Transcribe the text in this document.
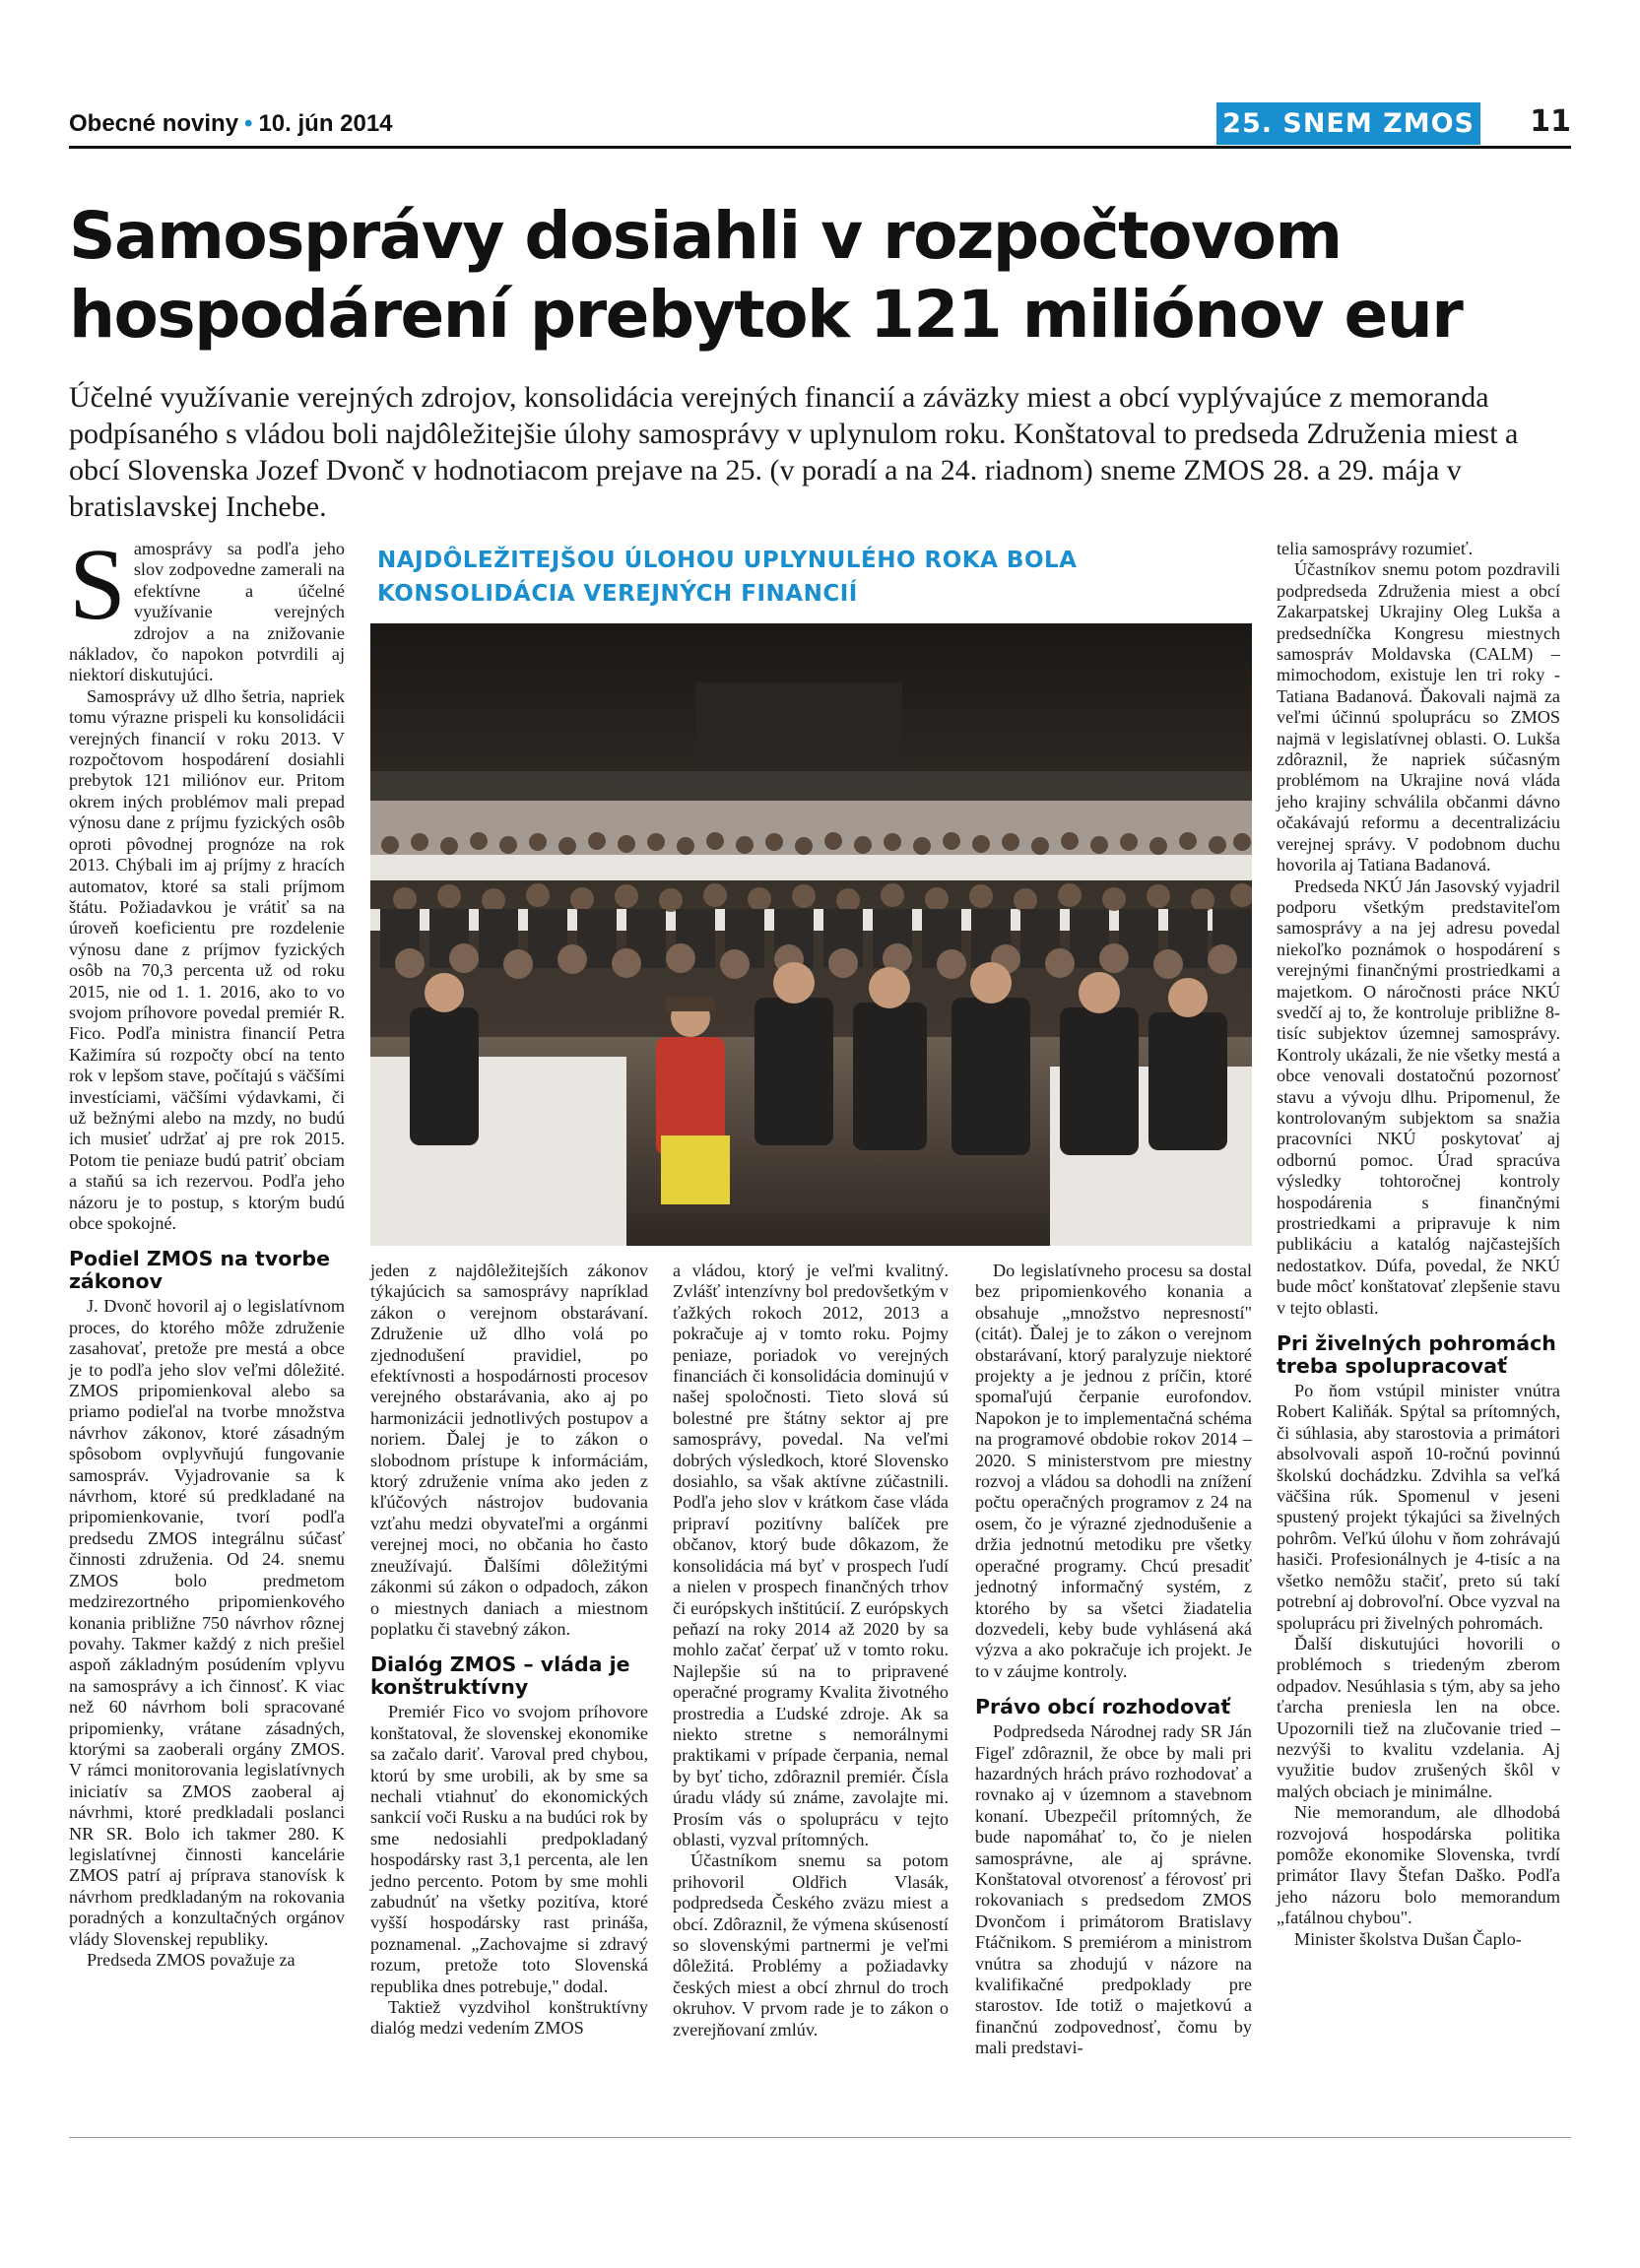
Obecné noviny • 10. jún 2014	25. SNEM ZMOS 11
Samosprávy dosiahli v rozpočtovom
hospodárení prebytok 121 miliónov eur

Účelné využívanie verejných zdrojov, konsolidácia verejných financií a záväzky miest a obcí vyplývajúce z memoranda podpísaného s vládou boli najdôležitejšie úlohy samosprávy v uplynulom roku. Konštatoval to predseda Združenia miest a obcí Slovenska Jozef Dvonč v hodnotiacom prejave na 25. (v poradí a na 24. riadnom) sneme ZMOS 28. a 29. mája v bratislavskej Inchebe.

Samosprávy sa podľa jeho slov zodpovedne zamerali na efektívne a účelné využívanie verejných zdrojov a na znižovanie nákladov, čo napokon potvrdili aj niektorí diskutujúci.

Samosprávy už dlho šetria, napriek tomu výrazne prispeli ku konsolidácii verejných financií v roku 2013. V rozpočtovom hospodárení dosiahli prebytok 121 miliónov eur. Pritom okrem iných problémov mali prepad výnosu dane z príjmu fyzických osôb oproti pôvodnej prognóze na rok 2013. Chýbali im aj príjmy z hracích automatov, ktoré sa stali príjmom štátu. Požiadavkou je vrátiť sa na úroveň koeficientu pre rozdelenie výnosu dane z príjmov fyzických osôb na 70,3 percenta už od roku 2015, nie od 1. 1. 2016, ako to vo svojom príhovore povedal premiér R. Fico. Podľa ministra financií Petra Kažimíra sú rozpočty obcí na tento rok v lepšom stave, počítajú s väčšími investíciami, väčšími výdavkami, či už bežnými alebo na mzdy, no budú ich musieť udržať aj pre rok 2015. Potom tie peniaze budú patriť obciam a staňú sa ich rezervou. Podľa jeho názoru je to postup, s ktorým budú obce spokojné.

Podiel ZMOS na tvorbe zákonov

J. Dvonč hovoril aj o legislatívnom proces, do ktorého môže združenie zasahovať, pretože pre mestá a obce je to podľa jeho slov veľmi dôležité. ZMOS pripomienkoval alebo sa priamo podieľal na tvorbe množstva návrhov zákonov, ktoré zásadným spôsobom ovplyvňujú fungovanie samospráv. Vyjadrovanie sa k návrhom, ktoré sú predkladané na pripomienkovanie, tvorí podľa predsedu ZMOS integrálnu súčasť činnosti združenia. Od 24. snemu ZMOS bolo predmetom medzirezortného pripomienkového konania približne 750 návrhov rôznej povahy. Takmer každý z nich prešiel aspoň základným posúdením vplyvu na samosprávy a ich činnosť. K viac než 60 návrhom boli spracované pripomienky, vrátane zásadných, ktorými sa zaoberali orgány ZMOS. V rámci monitorovania legislatívnych iniciatív sa ZMOS zaoberal aj návrhmi, ktoré predkladali poslanci NR SR. Bolo ich takmer 280. K legislatívnej činnosti kancelárie ZMOS patrí aj príprava stanovísk k návrhom predkladaným na rokovania poradných a konzultačných orgánov vlády Slovenskej republiky.

Predseda ZMOS považuje za

NAJDÔLEŽITEJŠOU ÚLOHOU UPLYNULÉHO ROKA BOLA
KONSOLIDÁCIA VEREJNÝCH FINANCIÍ

jeden z najdôležitejších zákonov týkajúcich sa samosprávy napríklad zákon o verejnom obstarávaní. Združenie už dlho volá po zjednodušení pravidiel, po efektívnosti a hospodárnosti procesov verejného obstarávania, ako aj po harmonizácii jednotlivých postupov a noriem. Ďalej je to zákon o slobodnom prístupe k informáciám, ktorý združenie vníma ako jeden z kľúčových nástrojov budovania vzťahu medzi obyvateľmi a orgánmi verejnej moci, no občania ho často zneužívajú. Ďalšími dôležitými zákonmi sú zákon o odpadoch, zákon o miestnych daniach a miestnom poplatku či stavebný zákon.

Dialóg ZMOS – vláda je konštruktívny

Premiér Fico vo svojom príhovore konštatoval, že slovenskej ekonomike sa začalo dariť. Varoval pred chybou, ktorú by sme urobili, ak by sme sa nechali vtiahnuť do ekonomických sankcií voči Rusku a na budúci rok by sme nedosiahli predpokladaný hospodársky rast 3,1 percenta, ale len jedno percento. Potom by sme mohli zabudnúť na všetky pozitíva, ktoré vyšší hospodársky rast prináša, poznamenal. „Zachovajme si zdravý rozum, pretože toto Slovenská republika dnes potrebuje," dodal.

Taktiež vyzdvihol konštruktívny dialóg medzi vedením ZMOS

a vládou, ktorý je veľmi kvalitný. Zvlášť intenzívny bol predovšetkým v ťažkých rokoch 2012, 2013 a pokračuje aj v tomto roku. Pojmy peniaze, poriadok vo verejných financiách či konsolidácia dominujú v našej spoločnosti. Tieto slová sú bolestné pre štátny sektor aj pre samosprávy, povedal. Na veľmi dobrých výsledkoch, ktoré Slovensko dosiahlo, sa však aktívne zúčastnili. Podľa jeho slov v krátkom čase vláda pripraví pozitívny balíček pre občanov, ktorý bude dôkazom, že konsolidácia má byť v prospech ľudí a nielen v prospech finančných trhov či európskych inštitúcií. Z európskych peňazí na roky 2014 až 2020 by sa mohlo začať čerpať už v tomto roku. Najlepšie sú na to pripravené operačné programy Kvalita životného prostredia a Ľudské zdroje. Ak sa niekto stretne s nemorálnymi praktikami v prípade čerpania, nemal by byť ticho, zdôraznil premiér. Čísla úradu vlády sú známe, zavolajte mi. Prosím vás o spoluprácu v tejto oblasti, vyzval prítomných.

Účastníkom snemu sa potom prihovoril Oldřich Vlasák, podpredseda Českého zväzu miest a obcí. Zdôraznil, že výmena skúseností so slovenskými partnermi je veľmi dôležitá. Problémy a požiadavky českých miest a obcí zhrnul do troch okruhov. V prvom rade je to zákon o zverejňovaní zmlúv.

Do legislatívneho procesu sa dostal bez pripomienkového konania a obsahuje „množstvo nepresností" (citát). Ďalej je to zákon o verejnom obstarávaní, ktorý paralyzuje niektoré projekty a je jednou z príčin, ktoré spomaľujú čerpanie eurofondov. Napokon je to implementačná schéma na programové obdobie rokov 2014 – 2020. S ministerstvom pre miestny rozvoj a vládou sa dohodli na znížení počtu operačných programov z 24 na osem, čo je výrazné zjednodušenie a držia jednotnú metodiku pre všetky operačné programy. Chcú presadiť jednotný informačný systém, z ktorého by sa všetci žiadatelia dozvedeli, keby bude vyhlásená aká výzva a ako pokračuje ich projekt. Je to v záujme kontroly.

Právo obcí rozhodovať

Podpredseda Národnej rady SR Ján Figeľ zdôraznil, že obce by mali pri hazardných hrách právo rozhodovať a rovnako aj v územnom a stavebnom konaní. Ubezpečil prítomných, že bude napomáhať to, čo je nielen samosprávne, ale aj správne. Konštatoval otvorenosť a férovosť pri rokovaniach s predsedom ZMOS Dvončom i primátorom Bratislavy Ftáčnikom. S premiérom a ministrom vnútra sa zhodujú v názore na kvalifikačné predpoklady pre starostov. Ide totiž o majetkovú a finančnú zodpovednosť, čomu by mali predstavi-

telia samosprávy rozumieť.

Účastníkov snemu potom pozdravili podpredseda Združenia miest a obcí Zakarpatskej Ukrajiny Oleg Lukša a predsedníčka Kongresu miestnych samospráv Moldavska (CALM) – mimochodom, existuje len tri roky - Tatiana Badanová. Ďakovali najmä za veľmi účinnú spoluprácu so ZMOS najmä v legislatívnej oblasti. O. Lukša zdôraznil, že napriek súčasným problémom na Ukrajine nová vláda jeho krajiny schválila občanmi dávno očakávajú reformu a decentralizáciu verejnej správy. V podobnom duchu hovorila aj Tatiana Badanová.

Predseda NKÚ Ján Jasovský vyjadril podporu všetkým predstaviteľom samosprávy a na jej adresu povedal niekoľko poznámok o hospodárení s verejnými finančnými prostriedkami a majetkom. O náročnosti práce NKÚ svedčí aj to, že kontroluje približne 8-tisíc subjektov územnej samosprávy. Kontroly ukázali, že nie všetky mestá a obce venovali dostatočnú pozornosť stavu a vývoju dlhu. Pripomenul, že kontrolovaným subjektom sa snažia pracovníci NKÚ poskytovať aj odbornú pomoc. Úrad spracúva výsledky tohtoročnej kontroly hospodárenia s finančnými prostriedkami a pripravuje k nim publikáciu a katalóg najčastejších nedostatkov. Dúfa, povedal, že NKÚ bude môcť konštatovať zlepšenie stavu v tejto oblasti.

Pri živelných pohromách treba spolupracovať

Po ňom vstúpil minister vnútra Robert Kaliňák. Spýtal sa prítomných, či súhlasia, aby starostovia a primátori absolvovali aspoň 10-ročnú povinnú školskú dochádzku. Zdvihla sa veľká väčšina rúk. Spomenul v jeseni spustený projekt týkajúci sa živelných pohrôm. Veľkú úlohu v ňom zohrávajú hasiči. Profesionálnych je 4-tisíc a na všetko nemôžu stačiť, preto sú takí potrební aj dobrovoľní. Obce vyzval na spoluprácu pri živelných pohromách.

Ďalší diskutujúci hovorili o problémoch s triedeným zberom odpadov. Nesúhlasia s tým, aby sa jeho ťarcha preniesla len na obce. Upozornili tiež na zlučovanie tried – nezvýši to kvalitu vzdelania. Aj využitie budov zrušených škôl v malých obciach je minimálne.

Nie memorandum, ale dlhodobá rozvojová hospodárska politika pomôže ekonomike Slovenska, tvrdí primátor Ilavy Štefan Daško. Podľa jeho názoru bolo memorandum „fatálnou chybou".

Minister školstva Dušan Čaplo-
